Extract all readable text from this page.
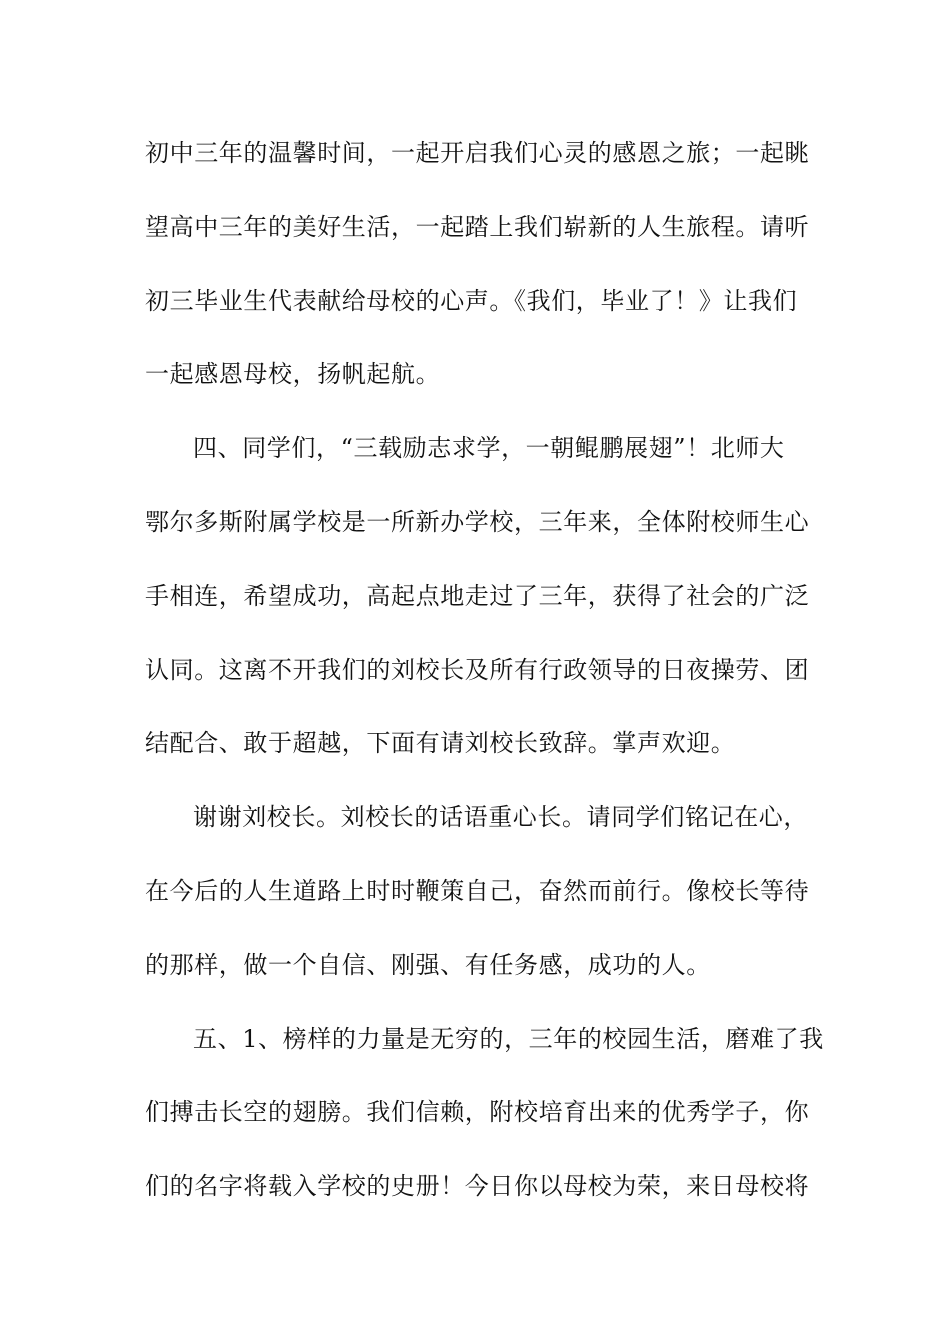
初中三年的温馨时间，一起开启我们心灵的感恩之旅；一起眺
望高中三年的美好生活，一起踏上我们崭新的人生旅程。请听
初三毕业生代表献给母校的心声。《我们，毕业了！》让我们
一起感恩母校，扬帆起航。
四、同学们，“三载励志求学，一朝鲲鹏展翅”！北师大
鄂尔多斯附属学校是一所新办学校，三年来，全体附校师生心
手相连，希望成功，高起点地走过了三年，获得了社会的广泛
认同。这离不开我们的刘校长及所有行政领导的日夜操劳、团
结配合、敢于超越，下面有请刘校长致辞。掌声欢迎。
谢谢刘校长。刘校长的话语重心长。请同学们铭记在心，
在今后的人生道路上时时鞭策自己，奋然而前行。像校长等待
的那样，做一个自信、刚强、有任务感，成功的人。
五、1、榜样的力量是无穷的，三年的校园生活，磨难了我
们搏击长空的翅膀。我们信赖，附校培育出来的优秀学子，你
们的名字将载入学校的史册！今日你以母校为荣，来日母校将
